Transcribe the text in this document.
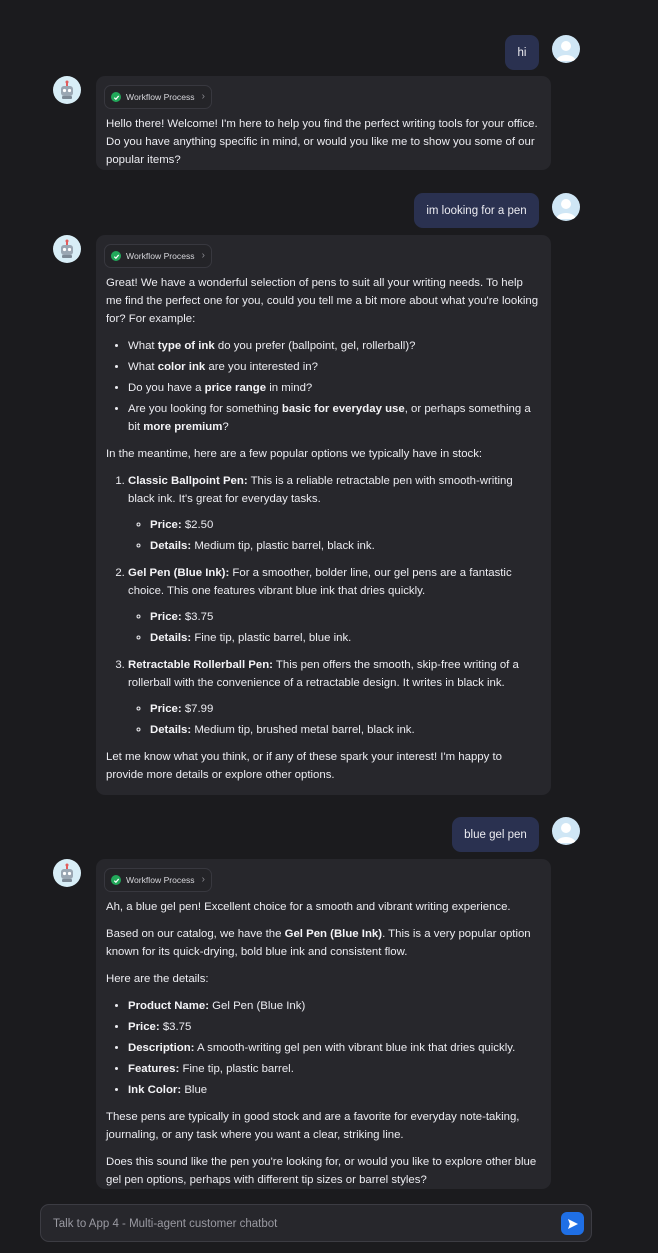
hi
Workflow Process ›

Hello there! Welcome! I'm here to help you find the perfect writing tools for your office. Do you have anything specific in mind, or would you like me to show you some of our popular items?

im looking for a pen
Workflow Process ›

Great! We have a wonderful selection of pens to suit all your writing needs. To help me find the perfect one for you, could you tell me a bit more about what you're looking for? For example:

• What type of ink do you prefer (ballpoint, gel, rollerball)?
• What color ink are you interested in?
• Do you have a price range in mind?
• Are you looking for something basic for everyday use, or perhaps something a bit more premium?

In the meantime, here are a few popular options we typically have in stock:

1. Classic Ballpoint Pen: This is a reliable retractable pen with smooth-writing black ink. It's great for everyday tasks.
◦ Price: $2.50
◦ Details: Medium tip, plastic barrel, black ink.
2. Gel Pen (Blue Ink): For a smoother, bolder line, our gel pens are a fantastic choice. This one features vibrant blue ink that dries quickly.
◦ Price: $3.75
◦ Details: Fine tip, plastic barrel, blue ink.
3. Retractable Rollerball Pen: This pen offers the smooth, skip-free writing of a rollerball with the convenience of a retractable design. It writes in black ink.
◦ Price: $7.99
◦ Details: Medium tip, brushed metal barrel, black ink.

Let me know what you think, or if any of these spark your interest! I'm happy to provide more details or explore other options.

blue gel pen
Workflow Process ›

Ah, a blue gel pen! Excellent choice for a smooth and vibrant writing experience.

Based on our catalog, we have the Gel Pen (Blue Ink). This is a very popular option known for its quick-drying, bold blue ink and consistent flow.

Here are the details:

• Product Name: Gel Pen (Blue Ink)
• Price: $3.75
• Description: A smooth-writing gel pen with vibrant blue ink that dries quickly.
• Features: Fine tip, plastic barrel.
• Ink Color: Blue

These pens are typically in good stock and are a favorite for everyday note-taking, journaling, or any task where you want a clear, striking line.

Does this sound like the pen you're looking for, or would you like to explore other blue gel pen options, perhaps with different tip sizes or barrel styles?

Talk to App 4 - Multi-agent customer chatbot
